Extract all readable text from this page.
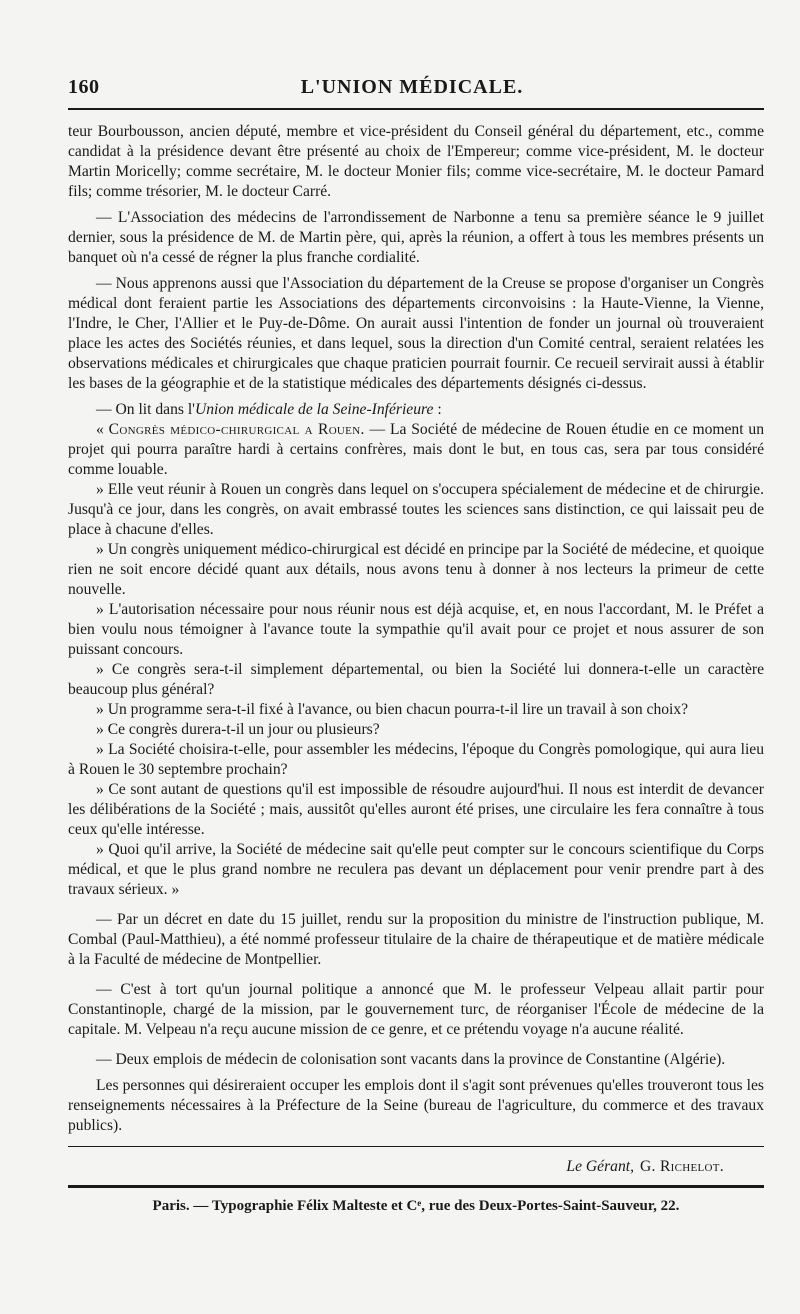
160	L'UNION MÉDICALE.

teur Bourbousson, ancien député, membre et vice-président du Conseil général du département, etc., comme candidat à la présidence devant être présenté au choix de l'Empereur; comme vice-président, M. le docteur Martin Moricelly; comme secrétaire, M. le docteur Monier fils; comme vice-secrétaire, M. le docteur Pamard fils; comme trésorier, M. le docteur Carré.

— L'Association des médecins de l'arrondissement de Narbonne a tenu sa première séance le 9 juillet dernier, sous la présidence de M. de Martin père, qui, après la réunion, a offert à tous les membres présents un banquet où n'a cessé de régner la plus franche cordialité.

— Nous apprenons aussi que l'Association du département de la Creuse se propose d'organiser un Congrès médical dont feraient partie les Associations des départements circonvoisins : la Haute-Vienne, la Vienne, l'Indre, le Cher, l'Allier et le Puy-de-Dôme. On aurait aussi l'intention de fonder un journal où trouveraient place les actes des Sociétés réunies, et dans lequel, sous la direction d'un Comité central, seraient relatées les observations médicales et chirurgicales que chaque praticien pourrait fournir. Ce recueil servirait aussi à établir les bases de la géographie et de la statistique médicales des départements désignés ci-dessus.

— On lit dans l'Union médicale de la Seine-Inférieure :

« Congrès médico-chirurgical a Rouen. — La Société de médecine de Rouen étudie en ce moment un projet qui pourra paraître hardi à certains confrères, mais dont le but, en tous cas, sera par tous considéré comme louable.

» Elle veut réunir à Rouen un congrès dans lequel on s'occupera spécialement de médecine et de chirurgie. Jusqu'à ce jour, dans les congrès, on avait embrassé toutes les sciences sans distinction, ce qui laissait peu de place à chacune d'elles.

» Un congrès uniquement médico-chirurgical est décidé en principe par la Société de médecine, et quoique rien ne soit encore décidé quant aux détails, nous avons tenu à donner à nos lecteurs la primeur de cette nouvelle.

» L'autorisation nécessaire pour nous réunir nous est déjà acquise, et, en nous l'accordant, M. le Préfet a bien voulu nous témoigner à l'avance toute la sympathie qu'il avait pour ce projet et nous assurer de son puissant concours.

» Ce congrès sera-t-il simplement départemental, ou bien la Société lui donnera-t-elle un caractère beaucoup plus général?

» Un programme sera-t-il fixé à l'avance, ou bien chacun pourra-t-il lire un travail à son choix?

» Ce congrès durera-t-il un jour ou plusieurs?

» La Société choisira-t-elle, pour assembler les médecins, l'époque du Congrès pomologique, qui aura lieu à Rouen le 30 septembre prochain?

» Ce sont autant de questions qu'il est impossible de résoudre aujourd'hui. Il nous est interdit de devancer les délibérations de la Société ; mais, aussitôt qu'elles auront été prises, une circulaire les fera connaître à tous ceux qu'elle intéresse.

» Quoi qu'il arrive, la Société de médecine sait qu'elle peut compter sur le concours scientifique du Corps médical, et que le plus grand nombre ne reculera pas devant un déplacement pour venir prendre part à des travaux sérieux. »

— Par un décret en date du 15 juillet, rendu sur la proposition du ministre de l'instruction publique, M. Combal (Paul-Matthieu), a été nommé professeur titulaire de la chaire de thérapeutique et de matière médicale à la Faculté de médecine de Montpellier.

— C'est à tort qu'un journal politique a annoncé que M. le professeur Velpeau allait partir pour Constantinople, chargé de la mission, par le gouvernement turc, de réorganiser l'École de médecine de la capitale. M. Velpeau n'a reçu aucune mission de ce genre, et ce prétendu voyage n'a aucune réalité.

— Deux emplois de médecin de colonisation sont vacants dans la province de Constantine (Algérie).

Les personnes qui désireraient occuper les emplois dont il s'agit sont prévenues qu'elles trouveront tous les renseignements nécessaires à la Préfecture de la Seine (bureau de l'agriculture, du commerce et des travaux publics).

Le Gérant, G. Richelot.
Paris. — Typographie Félix Malteste et Cᵉ, rue des Deux-Portes-Saint-Sauveur, 22.
